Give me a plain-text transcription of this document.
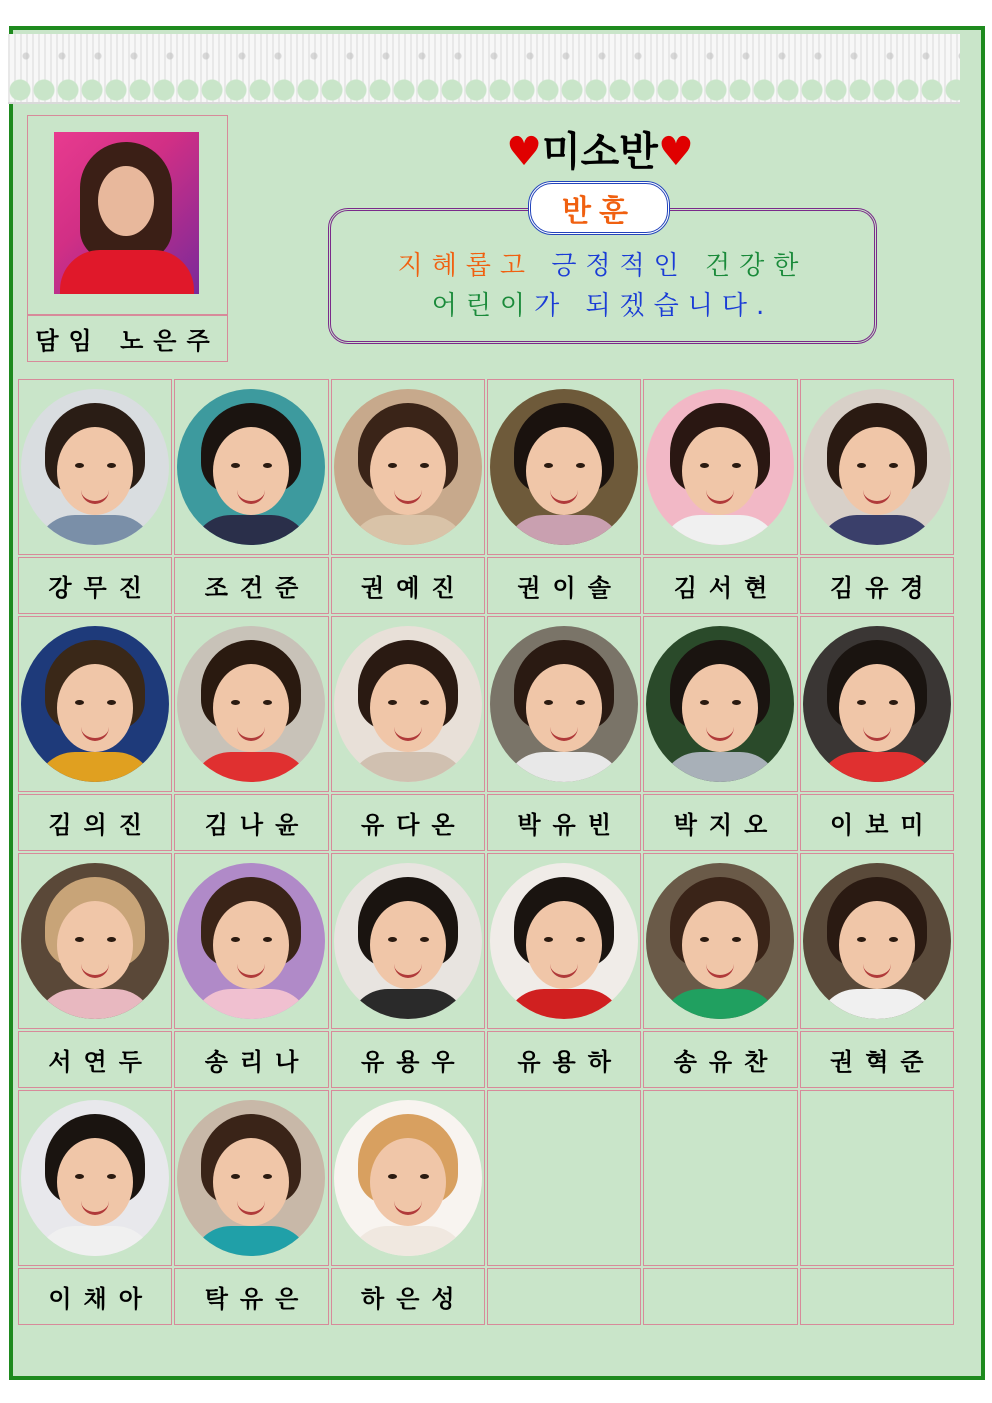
담임 노은주
♥미소반♥
반훈
지혜롭고 긍정적인 건강한
어린이가 되겠습니다.
강무진	조건준	권예진	권이솔	김서현	김유경
김의진	김나윤	유다온	박유빈	박지오	이보미
서연두	송리나	유용우	유용하	송유찬	권혁준
이채아	탁유은	하은성
